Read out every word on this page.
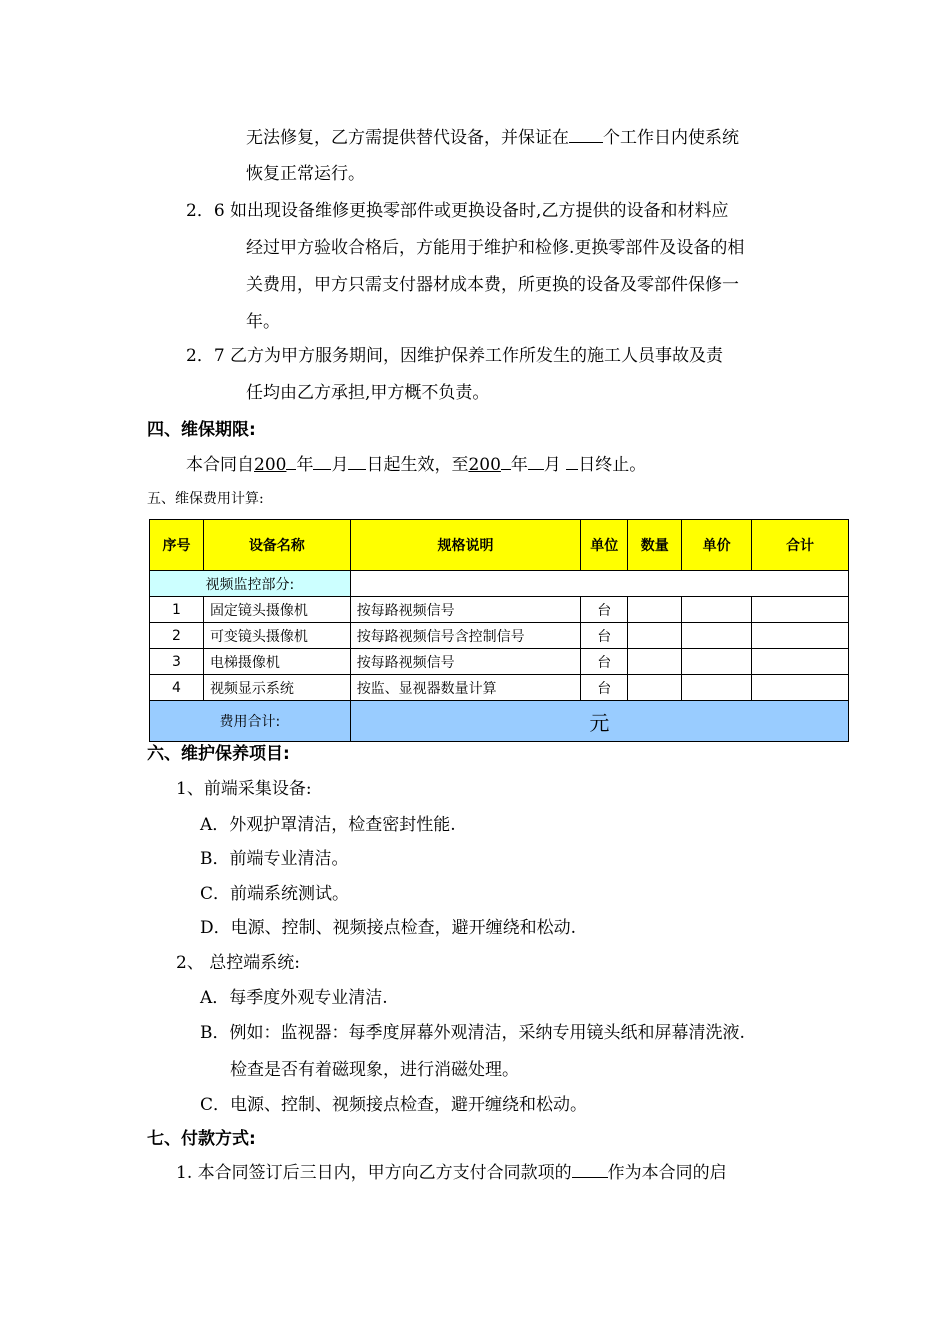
无法修复，乙方需提供替代设备，并保证在 个工作日内使系统
恢复正常运行。
2．6 如出现设备维修更换零部件或更换设备时,乙方提供的设备和材料应
经过甲方验收合格后，方能用于维护和检修.更换零部件及设备的相
关费用，甲方只需支付器材成本费，所更换的设备及零部件保修一
年。
2．7 乙方为甲方服务期间，因维护保养工作所发生的施工人员事故及责
任均由乙方承担,甲方概不负责。
四、维保期限:
本合同自200 年 月 日起生效，至200 年 月 日终止。
五、维保费用计算:
序号	设备名称	规格说明	单位	数量	单价	合计
视频监控部分:						
1	固定镜头摄像机	按每路视频信号	台			
2	可变镜头摄像机	按每路视频信号含控制信号	台			
3	电梯摄像机	按每路视频信号	台			
4	视频显示系统	按监、显视器数量计算	台			
费用合计:		元				
六、维护保养项目:
1、前端采集设备:
A．外观护罩清洁，检查密封性能.
B．前端专业清洁。
C．前端系统测试。
D．电源、控制、视频接点检查，避开缠绕和松动.
2、 总控端系统:
A．每季度外观专业清洁.
B．例如：监视器：每季度屏幕外观清洁，采纳专用镜头纸和屏幕清洗液.
检查是否有着磁现象，进行消磁处理。
C．电源、控制、视频接点检查，避开缠绕和松动。
七、付款方式:
1. 本合同签订后三日内，甲方向乙方支付合同款项的 作为本合同的启
